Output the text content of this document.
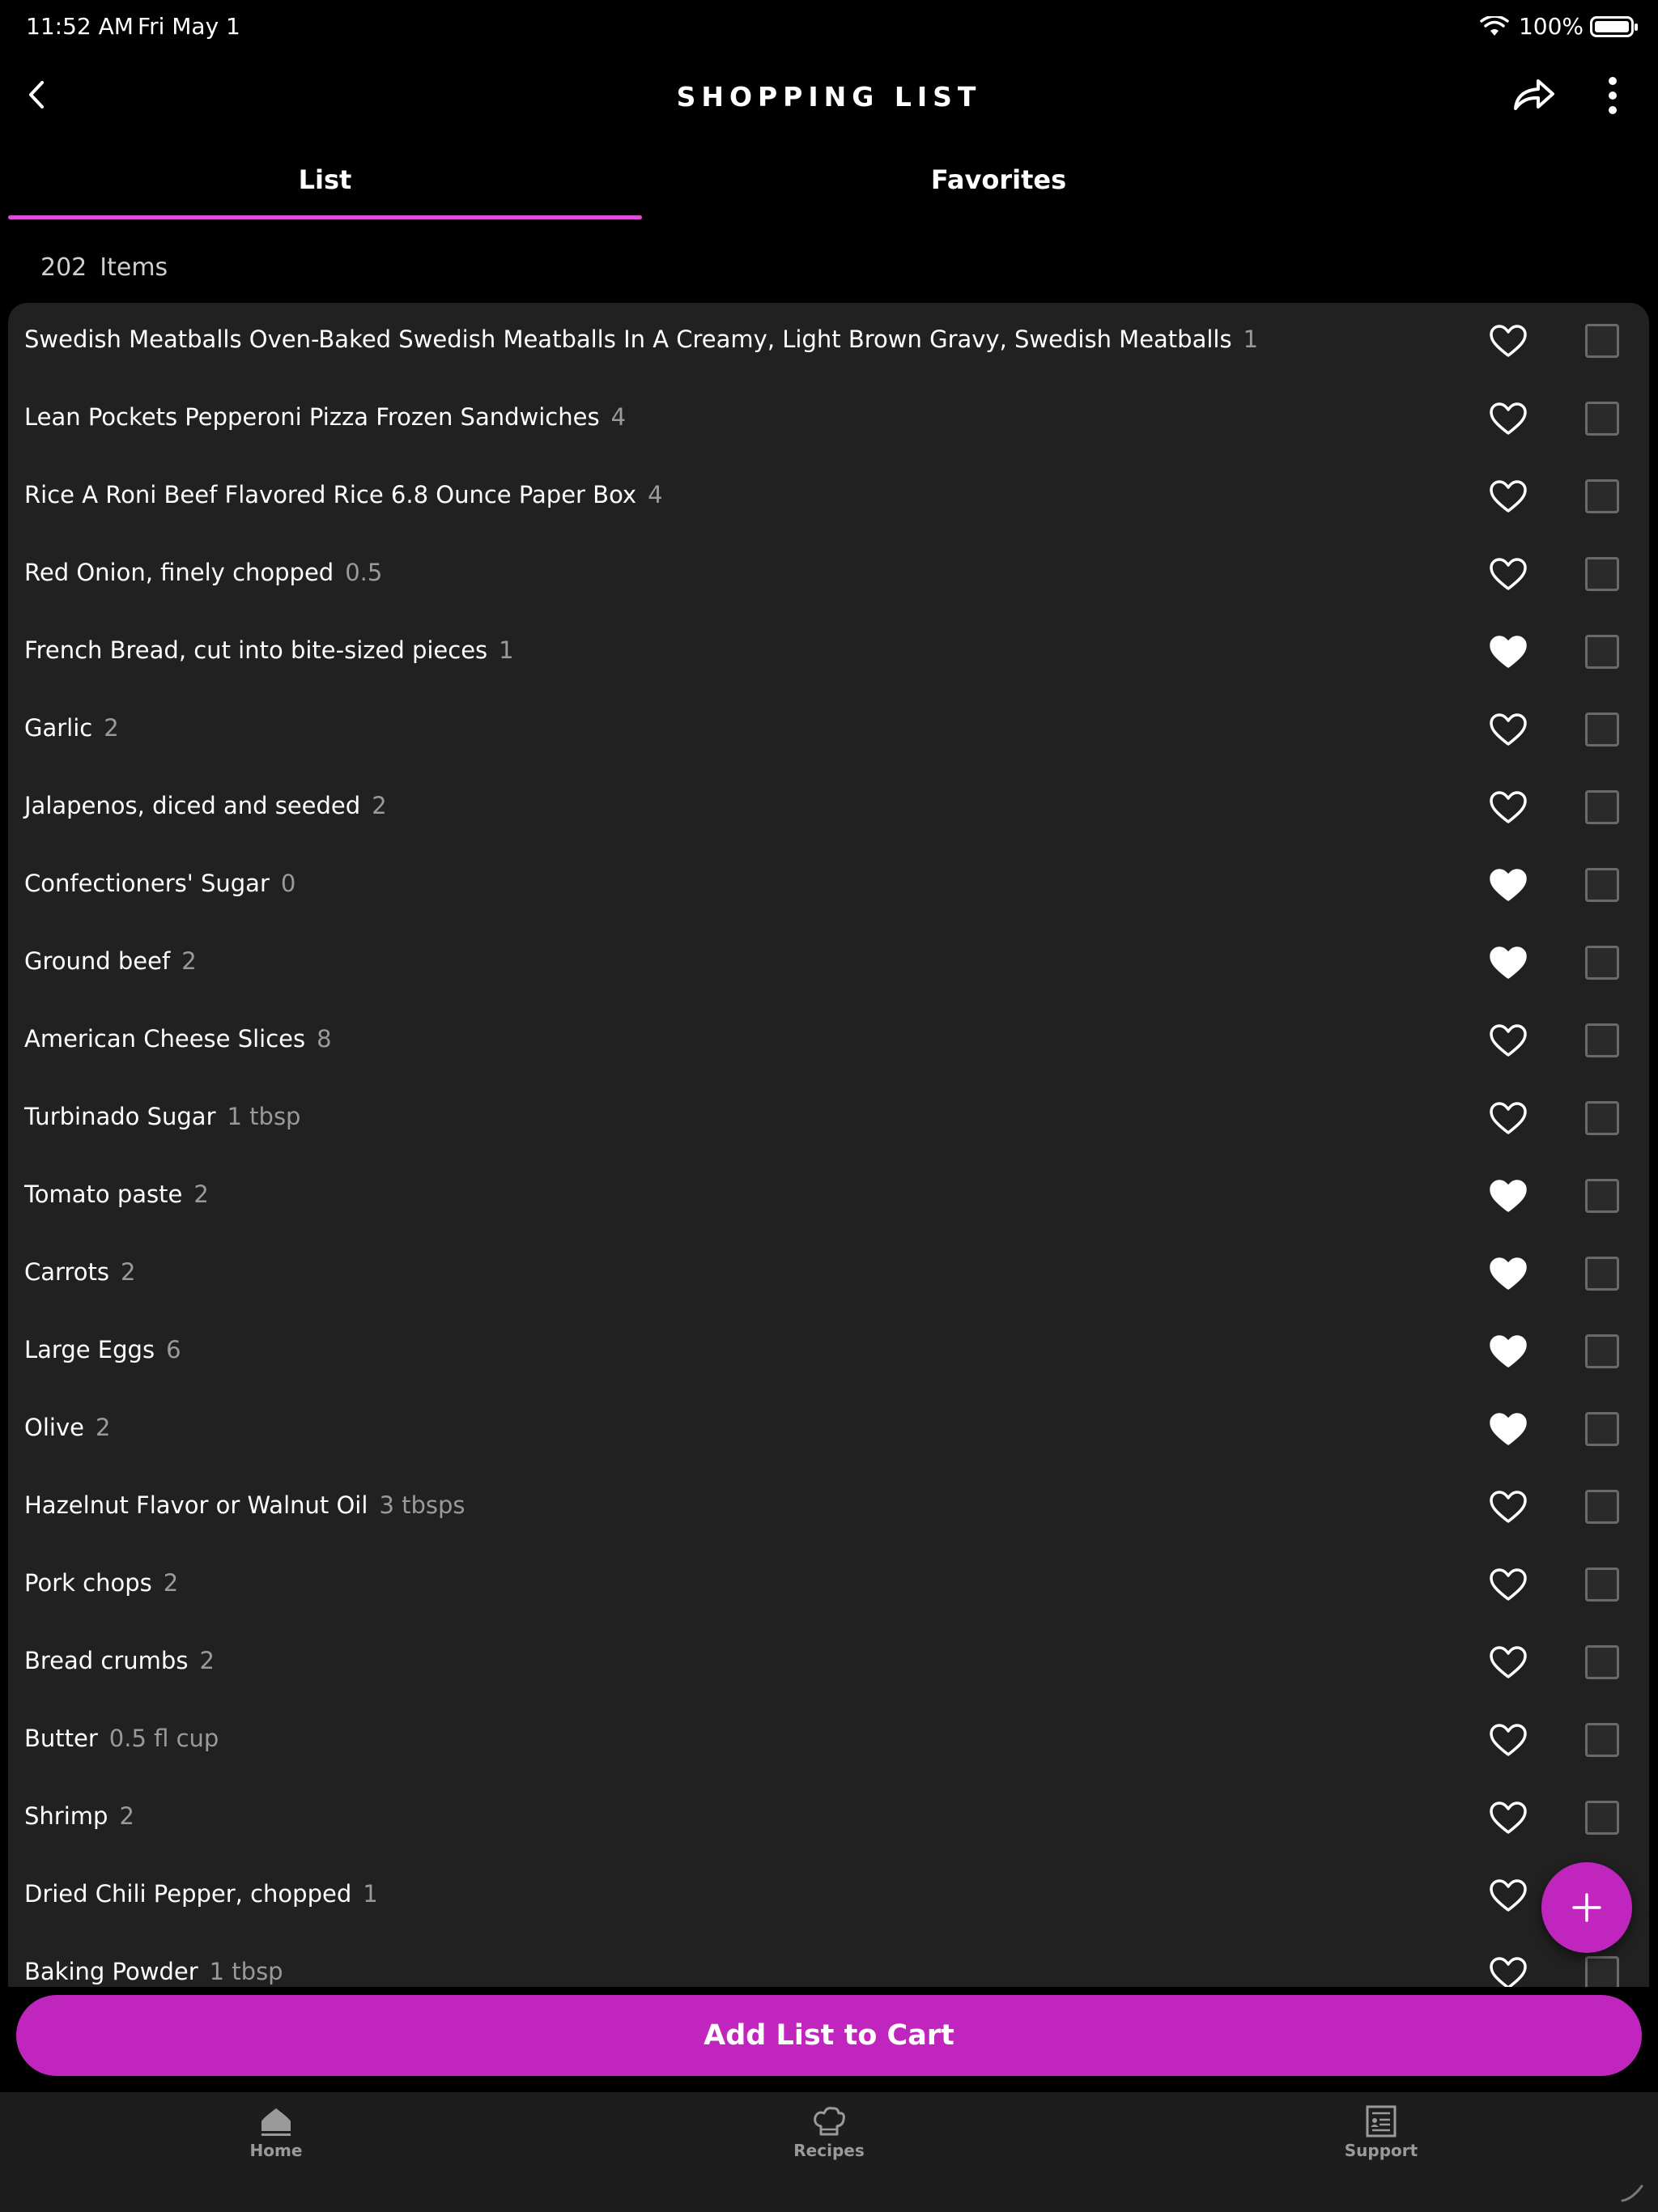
11:52 AM Fri May 1	100%
SHOPPING LIST
List	Favorites
202 Items
Swedish Meatballs Oven-Baked Swedish Meatballs In A Creamy, Light Brown Gravy, Swedish Meatballs 1
Lean Pockets Pepperoni Pizza Frozen Sandwiches 4
Rice A Roni Beef Flavored Rice 6.8 Ounce Paper Box 4
Red Onion, finely chopped 0.5
French Bread, cut into bite-sized pieces 1
Garlic 2
Jalapenos, diced and seeded 2
Confectioners' Sugar 0
Ground beef 2
American Cheese Slices 8
Turbinado Sugar 1 tbsp
Tomato paste 2
Carrots 2
Large Eggs 6
Olive 2
Hazelnut Flavor or Walnut Oil 3 tbsps
Pork chops 2
Bread crumbs 2
Butter 0.5 fl cup
Shrimp 2
Dried Chili Pepper, chopped 1
Baking Powder 1 tbsp
Add List to Cart
Home	Recipes	Support
